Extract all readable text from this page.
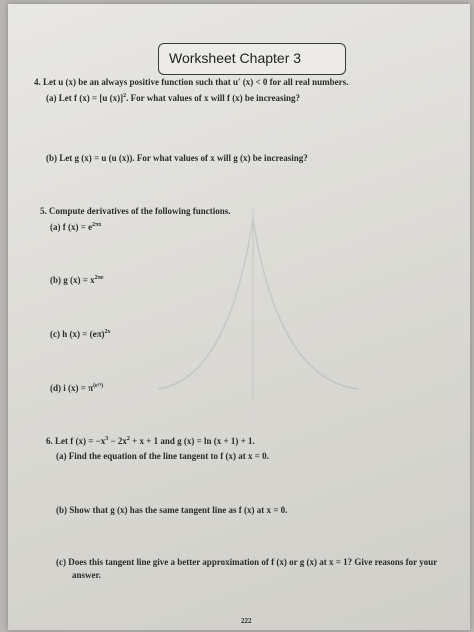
Worksheet Chapter 3
4. Let u (x) be an always positive function such that u′ (x) < 0 for all real numbers.
(a) Let f (x) = [u (x)]$^2$. For what values of x will f (x) be increasing?
(b) Let g (x) = u (u (x)). For what values of x will g (x) be increasing?
5. Compute derivatives of the following functions.
(a) f $(x) = e^{2\pi x}$
(b) g $(x) = x^{2\pi e}$
(c) h $(x) = (e\pi)^{2x}$
(d) i $(x) = \pi^{(e^2ˣ)}$
6. Let f $(x) = -x^3 - 2x^2 + x + 1$ and g (x) = ln (x + 1) + 1.
(a) Find the equation of the line tangent to f (x) at x = 0.
(b) Show that g (x) has the same tangent line as f (x) at x = 0.
(c) Does this tangent line give a better approximation of f (x) or g (x) at x = 1? Give reasons for your
answer.
222
